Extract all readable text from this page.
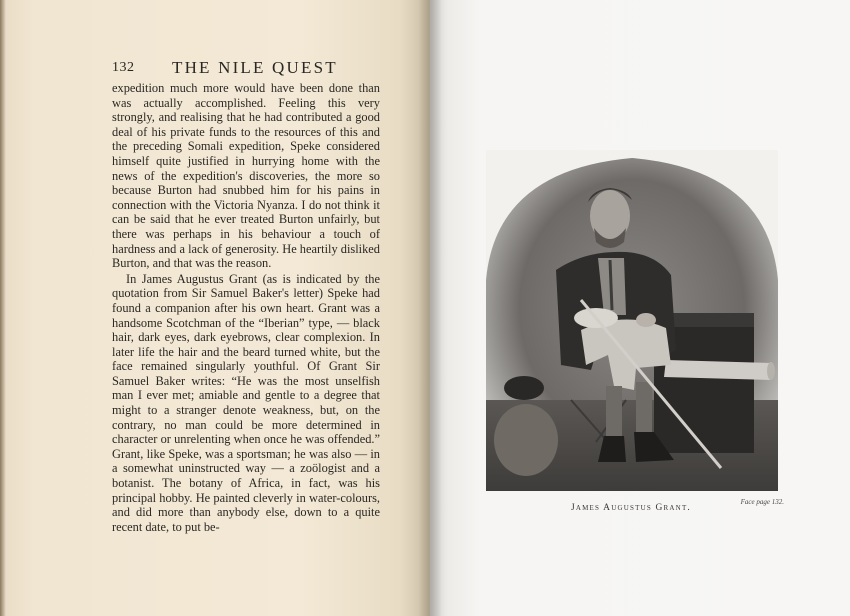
132 THE NILE QUEST

expedition much more would have been done than was actually accomplished. Feeling this very strongly, and realising that he had contributed a good deal of his private funds to the resources of this and the preceding Somali expedition, Speke considered himself quite justified in hurrying home with the news of the expedition's discoveries, the more so because Burton had snubbed him for his pains in connection with the Victoria Nyanza. I do not think it can be said that he ever treated Burton unfairly, but there was perhaps in his behaviour a touch of hardness and a lack of generosity. He heartily disliked Burton, and that was the reason.

In James Augustus Grant (as is indicated by the quotation from Sir Samuel Baker's letter) Speke had found a companion after his own heart. Grant was a handsome Scotchman of the “Iberian” type, — black hair, dark eyes, dark eyebrows, clear complexion. In later life the hair and the beard turned white, but the face remained singularly youthful. Of Grant Sir Samuel Baker writes: “He was the most unselfish man I ever met; amiable and gentle to a degree that might to a stranger denote weakness, but, on the contrary, no man could be more determined in character or unrelenting when once he was offended.” Grant, like Speke, was a sportsman; he was also — in a somewhat uninstructed way — a zoölogist and a botanist. The botany of Africa, in fact, was his principal hobby. He painted cleverly in water-colours, and did more than anybody else, down to a quite recent date, to put be-

James Augustus Grant.
Face page 132.
